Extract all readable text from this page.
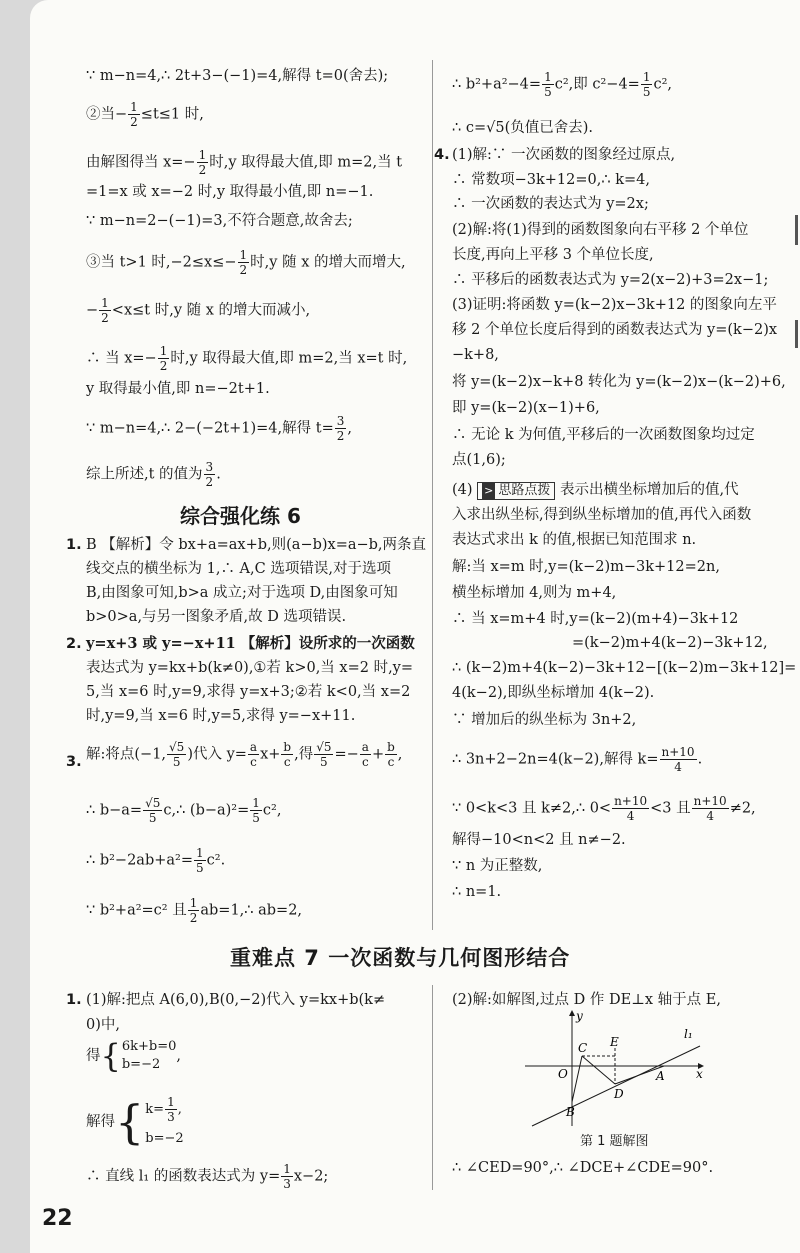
∵ m−n=4,∴ 2t+3−(−1)=4,解得 t=0(舍去);
②当− $\frac{1}{2} \le t\le 1$ 时,
由解图得当 $x=- \frac{1}{2}$ 时,y 取得最大值,即 m=2,当 t
=1=x 或 x=−2 时,y 取得最小值,即 n=−1.
∵ m−n=2−(−1)=3,不符合题意,故舍去;
③当 t>1 时$,-2\le x\le- \frac{1}{2}$ 时,y 随 x 的增大而增大,
− $\frac{1}{2} <x\le t$ 时,y 随 x 的增大而减小,
∴ 当 $x=- \frac{1}{2}$ 时,y 取得最大值,即 m=2,当 x=t 时,
y 取得最小值,即 n=−2t+1.
∵ m−n=4,∴ 2−(−2t+1)=4,解得 $t= \frac{3}{2}$ ,
综上所述,t 的值为 $\frac{3}{2}$ .
综合强化练 6
1. B 【解析】令 bx+a=ax+b,则(a−b)x=a−b,两条直
线交点的横坐标为 1,∴ A,C 选项错误,对于选项
B,由图象可知,b>a 成立;对于选项 D,由图象可知
b>0>a,与另一图象矛盾,故 D 选项错误.
2. y=x+3 或 y=−x+11 【解析】设所求的一次函数
表达式为 y=kx+b(k≠0),①若 k>0,当 x=2 时,y=
5,当 x=6 时,y=9,求得 y=x+3;②若 k<0,当 x=2
时,y=9,当 x=6 时,y=5,求得 y=−x+11.
3. 解:将点(−1, $\frac{√5}{5}$ )代入 $y= \frac{a}{c} x+ \frac{b}{c}$ ,得 $\frac{√5}{5} =- \frac{a}{c} + \frac{b}{c}$ ,
∴ $b-a= \frac{√5}{5}$ c,∴ $(b-a)^2= \frac{1}{5} c^2$,
∴ $b^2-2ab+a^2= \frac{1}{5} c^2$.
∵ b²+a²=c² 且 $\frac{1}{2}$ ab=1,∴ ab=2,
∴ $b^2+a^2-4= \frac{1}{5} c^2$,即 $c^2-4= \frac{1}{5} c^2$,
∴ c=√5(负值已舍去).
4. (1)解:∵ 一次函数的图象经过原点,
∴ 常数项−3k+12=0,∴ k=4,
∴ 一次函数的表达式为 y=2x;
(2)解:将(1)得到的函数图象向右平移 2 个单位
长度,再向上平移 3 个单位长度,
∴ 平移后的函数表达式为 y=2(x−2)+3=2x−1;
(3)证明:将函数 y=(k−2)x−3k+12 的图象向左平
移 2 个单位长度后得到的函数表达式为 y=(k−2)x
−k+8,
将 y=(k−2)x−k+8 转化为 y=(k−2)x−(k−2)+6,
即 y=(k−2)(x−1)+6,
∴ 无论 k 为何值,平移后的一次函数图象均过定
点(1,6);
(4) > 思路点拨 表示出横坐标增加后的值,代
入求出纵坐标,得到纵坐标增加的值,再代入函数
表达式求出 k 的值,根据已知范围求 n.
解:当 x=m 时,y=(k−2)m−3k+12=2n,
横坐标增加 4,则为 m+4,
∴ 当 x=m+4 时,y=(k−2)(m+4)−3k+12
=(k−2)m+4(k−2)−3k+12,
∴ (k−2)m+4(k−2)−3k+12−[(k−2)m−3k+12]=
4(k−2),即纵坐标增加 4(k−2).
∵ 增加后的纵坐标为 3n+2,
∴ 3n+2−2n=4(k−2),解得 $k= \frac{n+10}{4}$ .
∵ 0<k<3 且 k≠2,∴ $0< \frac{n+10}{4} <3$ 且 $\frac{n+10}{4} \ne 2$,
解得−10<n<2 且 n≠−2.
∵ n 为正整数,
∴ n=1.
重难点 7 一次函数与几何图形结合
1. (1)解:把点 A(6,0),B(0,−2)代入 y=kx+b(k≠
0)中,
得{ 6k+b=0
b=−2
,
解得{ $k= \frac{1}{3}$ ,
b=−2
∴ 直线 l₁ 的函数表达式为 $y= \frac{1}{3} x-2$;
(2)解:如解图,过点 D 作 DE⊥x 轴于点 E,
∴ ∠CED=90°,∴ ∠DCE+∠CDE=90°.
y
x
O
C E
D
A
B
l₁
第 1 题解图
22
